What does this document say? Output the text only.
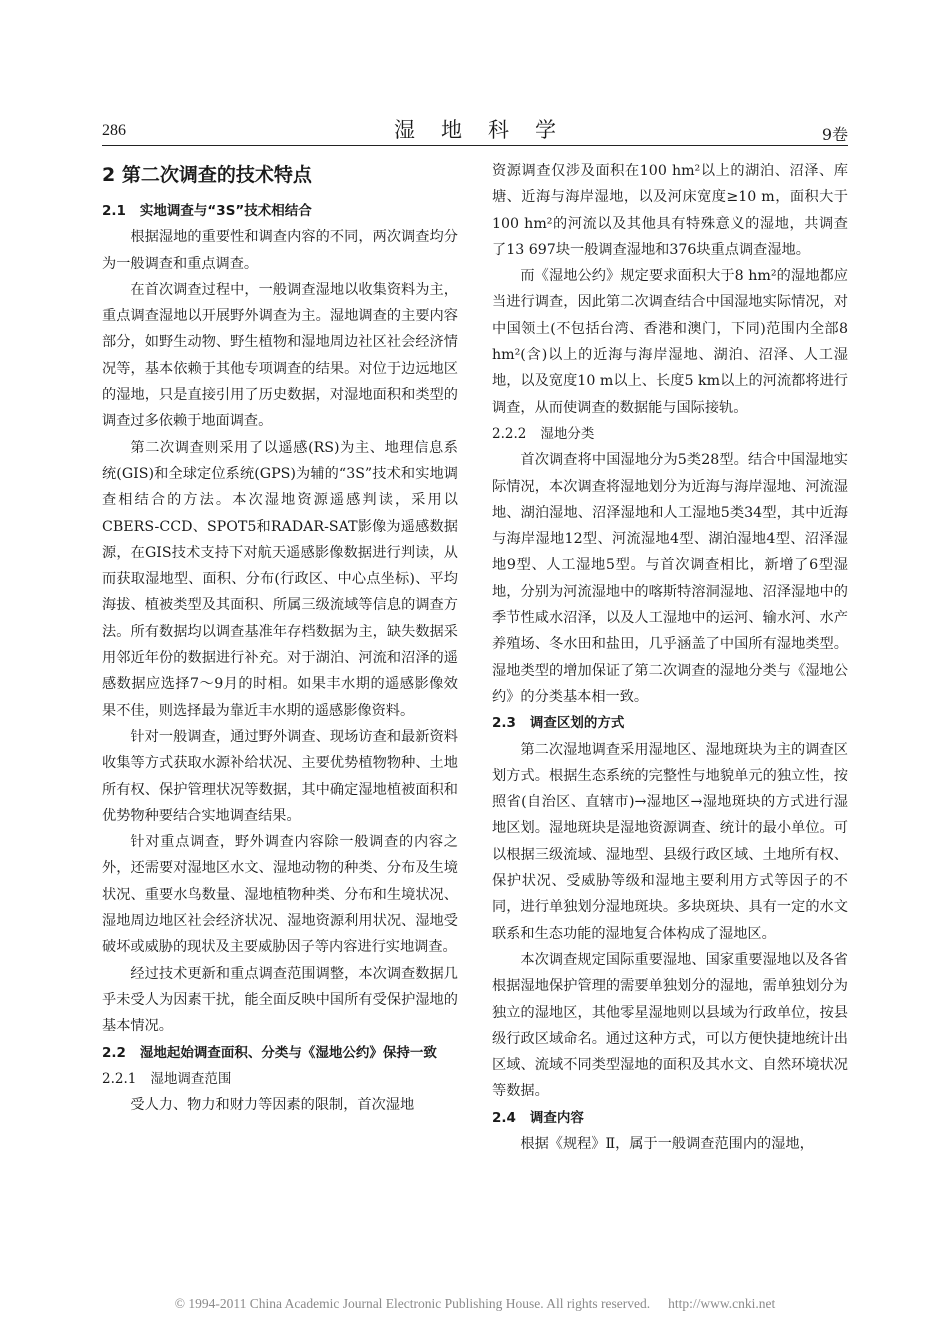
286	湿地科学	9卷
2 第二次调查的技术特点
2.1 实地调查与“3S”技术相结合

根据湿地的重要性和调查内容的不同，两次调查均分为一般调查和重点调查。

在首次调查过程中，一般调查湿地以收集资料为主，重点调查湿地以开展野外调查为主。湿地调查的主要内容部分，如野生动物、野生植物和湿地周边社区社会经济情况等，基本依赖于其他专项调查的结果。对位于边远地区的湿地，只是直接引用了历史数据，对湿地面积和类型的调查过多依赖于地面调查。

第二次调查则采用了以遥感(RS)为主、地理信息系统(GIS)和全球定位系统(GPS)为辅的“3S”技术和实地调查相结合的方法。本次湿地资源遥感判读，采用以CBERS-CCD、SPOT5和RADAR-SAT影像为遥感数据源，在GIS技术支持下对航天遥感影像数据进行判读，从而获取湿地型、面积、分布(行政区、中心点坐标)、平均海拔、植被类型及其面积、所属三级流域等信息的调查方法。所有数据均以调查基准年存档数据为主，缺失数据采用邻近年份的数据进行补充。对于湖泊、河流和沼泽的遥感数据应选择7～9月的时相。如果丰水期的遥感影像效果不佳，则选择最为靠近丰水期的遥感影像资料。

针对一般调查，通过野外调查、现场访查和最新资料收集等方式获取水源补给状况、主要优势植物物种、土地所有权、保护管理状况等数据，其中确定湿地植被面积和优势物种要结合实地调查结果。

针对重点调查，野外调查内容除一般调查的内容之外，还需要对湿地区水文、湿地动物的种类、分布及生境状况、重要水鸟数量、湿地植物种类、分布和生境状况、湿地周边地区社会经济状况、湿地资源利用状况、湿地受破坏或威胁的现状及主要威胁因子等内容进行实地调查。

经过技术更新和重点调查范围调整，本次调查数据几乎未受人为因素干扰，能全面反映中国所有受保护湿地的基本情况。

2.2 湿地起始调查面积、分类与《湿地公约》保持一致
2.2.1 湿地调查范围

受人力、物力和财力等因素的限制，首次湿地

资源调查仅涉及面积在100 hm²以上的湖泊、沼泽、库塘、近海与海岸湿地，以及河床宽度≥10 m，面积大于100 hm²的河流以及其他具有特殊意义的湿地，共调查了13 697块一般调查湿地和376块重点调查湿地。

而《湿地公约》规定要求面积大于8 hm²的湿地都应当进行调查，因此第二次调查结合中国湿地实际情况，对中国领土(不包括台湾、香港和澳门，下同)范围内全部8 hm²(含)以上的近海与海岸湿地、湖泊、沼泽、人工湿地，以及宽度10 m以上、长度5 km以上的河流都将进行调查，从而使调查的数据能与国际接轨。

2.2.2 湿地分类

首次调查将中国湿地分为5类28型。结合中国湿地实际情况，本次调查将湿地划分为近海与海岸湿地、河流湿地、湖泊湿地、沼泽湿地和人工湿地5类34型，其中近海与海岸湿地12型、河流湿地4型、湖泊湿地4型、沼泽湿地9型、人工湿地5型。与首次调查相比，新增了6型湿地，分别为河流湿地中的喀斯特溶洞湿地、沼泽湿地中的季节性咸水沼泽，以及人工湿地中的运河、输水河、水产养殖场、冬水田和盐田，几乎涵盖了中国所有湿地类型。湿地类型的增加保证了第二次调查的湿地分类与《湿地公约》的分类基本相一致。

2.3 调查区划的方式

第二次湿地调查采用湿地区、湿地斑块为主的调查区划方式。根据生态系统的完整性与地貌单元的独立性，按照省(自治区、直辖市)→湿地区→湿地斑块的方式进行湿地区划。湿地斑块是湿地资源调查、统计的最小单位。可以根据三级流域、湿地型、县级行政区域、土地所有权、保护状况、受威胁等级和湿地主要利用方式等因子的不同，进行单独划分湿地斑块。多块斑块、具有一定的水文联系和生态功能的湿地复合体构成了湿地区。

本次调查规定国际重要湿地、国家重要湿地以及各省根据湿地保护管理的需要单独划分的湿地，需单独划分为独立的湿地区，其他零星湿地则以县域为行政单位，按县级行政区域命名。通过这种方式，可以方便快捷地统计出区域、流域不同类型湿地的面积及其水文、自然环境状况等数据。

2.4 调查内容

根据《规程》Ⅱ，属于一般调查范围内的湿地，

© 1994-2011 China Academic Journal Electronic Publishing House. All rights reserved. http://www.cnki.net
